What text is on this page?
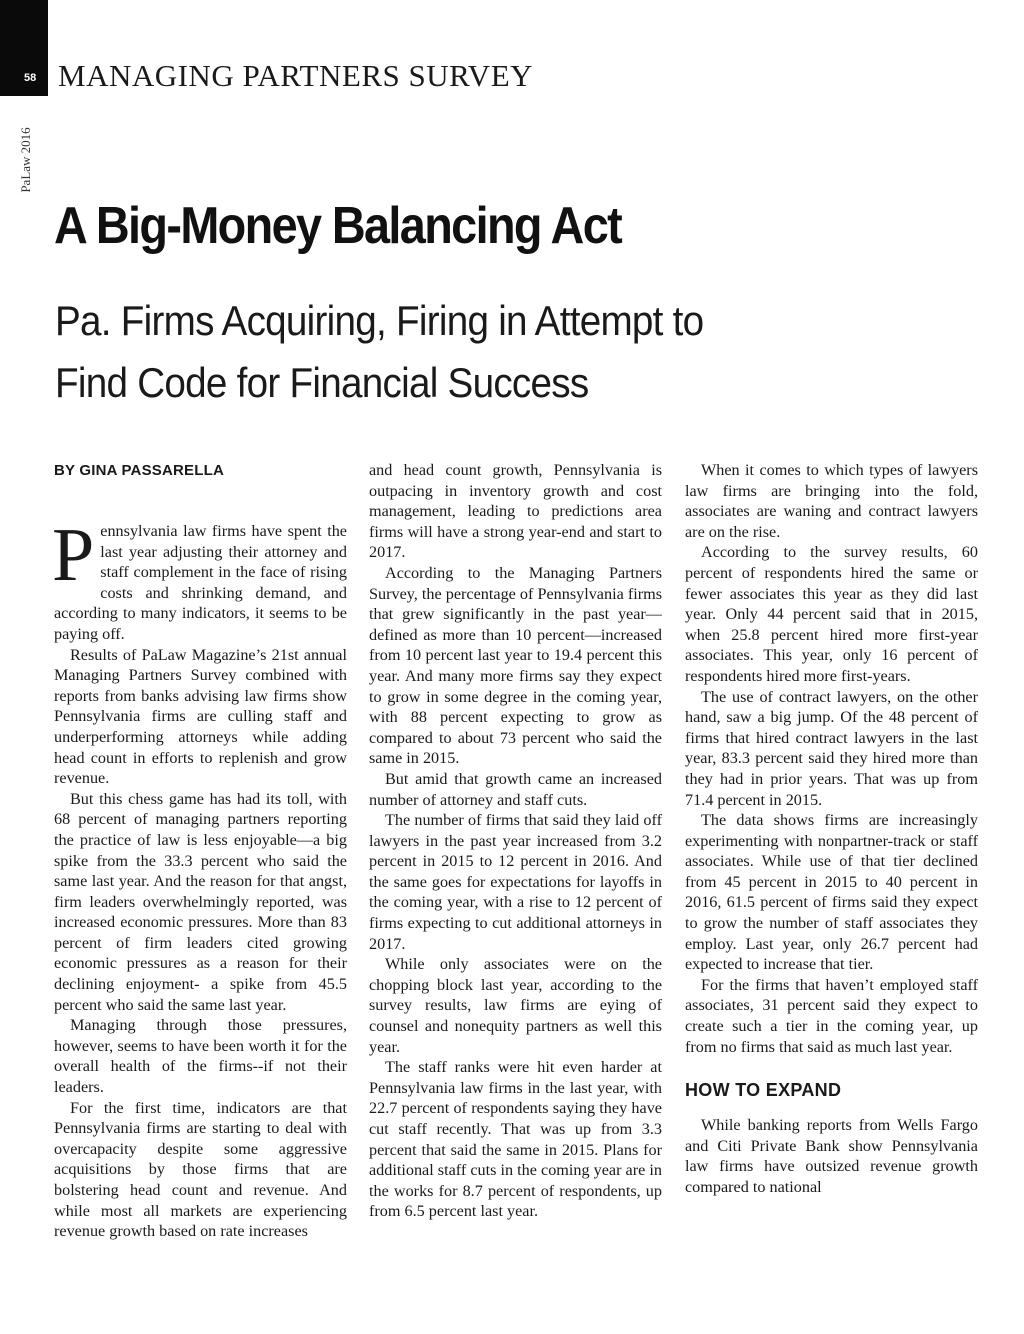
58 MANAGING PARTNERS SURVEY
PaLaw 2016
A Big-Money Balancing Act
Pa. Firms Acquiring, Firing in Attempt to
Find Code for Financial Success
BY GINA PASSARELLA

Pennsylvania law firms have spent the last year adjusting their attorney and staff complement in the face of rising costs and shrinking demand, and according to many indicators, it seems to be paying off.

Results of PaLaw Magazine’s 21st annual Managing Partners Survey combined with reports from banks advising law firms show Pennsylvania firms are culling staff and underperforming attorneys while adding head count in efforts to replenish and grow revenue.

But this chess game has had its toll, with 68 percent of managing partners reporting the practice of law is less enjoyable—a big spike from the 33.3 percent who said the same last year. And the reason for that angst, firm leaders overwhelmingly reported, was increased economic pressures. More than 83 percent of firm leaders cited growing economic pressures as a reason for their declining enjoyment- a spike from 45.5 percent who said the same last year.

Managing through those pressures, however, seems to have been worth it for the overall health of the firms--if not their leaders.

For the first time, indicators are that Pennsylvania firms are starting to deal with overcapacity despite some aggressive acquisitions by those firms that are bolstering head count and revenue. And while most all markets are experiencing revenue growth based on rate increases

and head count growth, Pennsylvania is outpacing in inventory growth and cost management, leading to predictions area firms will have a strong year-end and start to 2017.

According to the Managing Partners Survey, the percentage of Pennsylvania firms that grew significantly in the past year—defined as more than 10 percent—increased from 10 percent last year to 19.4 percent this year. And many more firms say they expect to grow in some degree in the coming year, with 88 percent expecting to grow as compared to about 73 percent who said the same in 2015.

But amid that growth came an increased number of attorney and staff cuts.

The number of firms that said they laid off lawyers in the past year increased from 3.2 percent in 2015 to 12 percent in 2016. And the same goes for expectations for layoffs in the coming year, with a rise to 12 percent of firms expecting to cut additional attorneys in 2017.

While only associates were on the chopping block last year, according to the survey results, law firms are eying of counsel and nonequity partners as well this year.

The staff ranks were hit even harder at Pennsylvania law firms in the last year, with 22.7 percent of respondents saying they have cut staff recently. That was up from 3.3 percent that said the same in 2015. Plans for additional staff cuts in the coming year are in the works for 8.7 percent of respondents, up from 6.5 percent last year.

When it comes to which types of lawyers law firms are bringing into the fold, associates are waning and contract lawyers are on the rise.

According to the survey results, 60 percent of respondents hired the same or fewer associates this year as they did last year. Only 44 percent said that in 2015, when 25.8 percent hired more first-year associates. This year, only 16 percent of respondents hired more first-years.

The use of contract lawyers, on the other hand, saw a big jump. Of the 48 percent of firms that hired contract lawyers in the last year, 83.3 percent said they hired more than they had in prior years. That was up from 71.4 percent in 2015.

The data shows firms are increasingly experimenting with nonpartner-track or staff associates. While use of that tier declined from 45 percent in 2015 to 40 percent in 2016, 61.5 percent of firms said they expect to grow the number of staff associates they employ. Last year, only 26.7 percent had expected to increase that tier.

For the firms that haven’t employed staff associates, 31 percent said they expect to create such a tier in the coming year, up from no firms that said as much last year.

HOW TO EXPAND

While banking reports from Wells Fargo and Citi Private Bank show Pennsylvania law firms have outsized revenue growth compared to national
